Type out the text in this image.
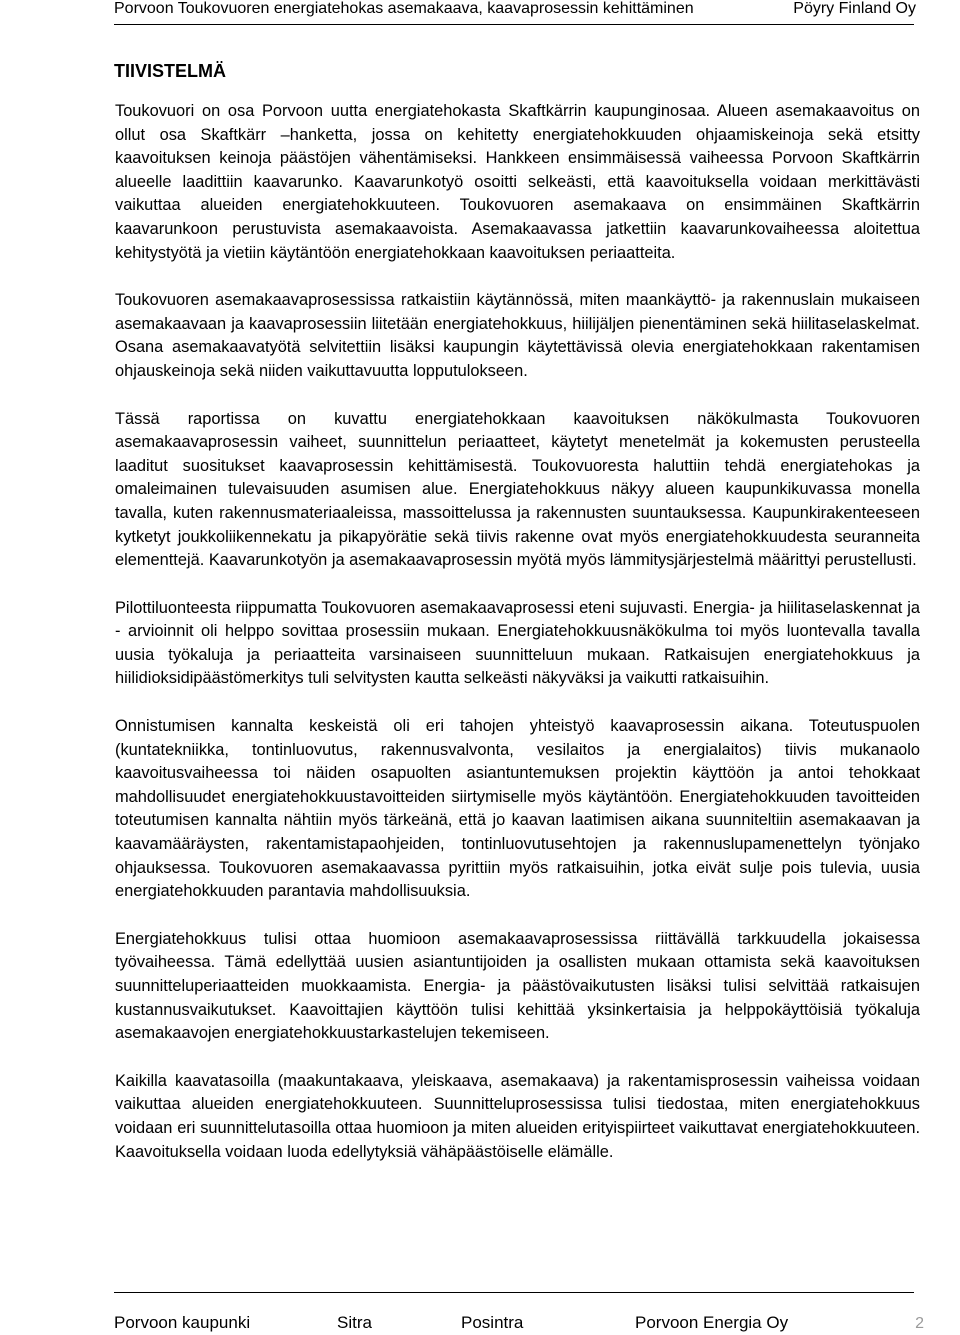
Porvoon Toukovuoren energiatehokas asemakaava, kaavaprosessin kehittäminen	Pöyry Finland Oy
TIIVISTELMÄ

Toukovuori on osa Porvoon uutta energiatehokasta Skaftkärrin kaupunginosaa. Alueen asemakaavoitus on ollut osa Skaftkärr –hanketta, jossa on kehitetty energiatehokkuuden ohjaamiskeinoja sekä etsitty kaavoituksen keinoja päästöjen vähentämiseksi. Hankkeen ensimmäisessä vaiheessa Porvoon Skaftkärrin alueelle laadittiin kaavarunko. Kaavarunkotyö osoitti selkeästi, että kaavoituksella voidaan merkittävästi vaikuttaa alueiden energiatehokkuuteen. Toukovuoren asemakaava on ensimmäinen Skaftkärrin kaavarunkoon perustuvista asemakaavoista. Asemakaavassa jatkettiin kaavarunkovaiheessa aloitettua kehitystyötä ja vietiin käytäntöön energiatehokkaan kaavoituksen periaatteita.

Toukovuoren asemakaavaprosessissa ratkaistiin käytännössä, miten maankäyttö- ja rakennuslain mukaiseen asemakaavaan ja kaavaprosessiin liitetään energiatehokkuus, hiilijäljen pienentäminen sekä hiilitaselaskelmat. Osana asemakaavatyötä selvitettiin lisäksi kaupungin käytettävissä olevia energiatehokkaan rakentamisen ohjauskeinoja sekä niiden vaikuttavuutta lopputulokseen.

Tässä raportissa on kuvattu energiatehokkaan kaavoituksen näkökulmasta Toukovuoren asemakaavaprosessin vaiheet, suunnittelun periaatteet, käytetyt menetelmät ja kokemusten perusteella laaditut suositukset kaavaprosessin kehittämisestä. Toukovuoresta haluttiin tehdä energiatehokas ja omaleimainen tulevaisuuden asumisen alue. Energiatehokkuus näkyy alueen kaupunkikuvassa monella tavalla, kuten rakennusmateriaaleissa, massoittelussa ja rakennusten suuntauksessa. Kaupunkirakenteeseen kytketyt joukkoliikennekatu ja pikapyörätie sekä tiivis rakenne ovat myös energiatehokkuudesta seuranneita elementtejä. Kaavarunkotyön ja asemakaavaprosessin myötä myös lämmitysjärjestelmä määrittyi perustellusti.

Pilottiluonteesta riippumatta Toukovuoren asemakaavaprosessi eteni sujuvasti. Energia- ja hiilitaselaskennat ja - arvioinnit oli helppo sovittaa prosessiin mukaan. Energiatehokkuusnäkökulma toi myös luontevalla tavalla uusia työkaluja ja periaatteita varsinaiseen suunnitteluun mukaan. Ratkaisujen energiatehokkuus ja hiilidioksidipäästömerkitys tuli selvitysten kautta selkeästi näkyväksi ja vaikutti ratkaisuihin.

Onnistumisen kannalta keskeistä oli eri tahojen yhteistyö kaavaprosessin aikana. Toteutuspuolen (kuntatekniikka, tontinluovutus, rakennusvalvonta, vesilaitos ja energialaitos) tiivis mukanaolo kaavoitusvaiheessa toi näiden osapuolten asiantuntemuksen projektin käyttöön ja antoi tehokkaat mahdollisuudet energiatehokkuustavoitteiden siirtymiselle myös käytäntöön. Energiatehokkuuden tavoitteiden toteutumisen kannalta nähtiin myös tärkeänä, että jo kaavan laatimisen aikana suunniteltiin asemakaavan ja kaavamääräysten, rakentamistapaohjeiden, tontinluovutusehtojen ja rakennuslupamenettelyn työnjako ohjauksessa. Toukovuoren asemakaavassa pyrittiin myös ratkaisuihin, jotka eivät sulje pois tulevia, uusia energiatehokkuuden parantavia mahdollisuuksia.

Energiatehokkuus tulisi ottaa huomioon asemakaavaprosessissa riittävällä tarkkuudella jokaisessa työvaiheessa. Tämä edellyttää uusien asiantuntijoiden ja osallisten mukaan ottamista sekä kaavoituksen suunnitteluperiaatteiden muokkaamista. Energia- ja päästövaikutusten lisäksi tulisi selvittää ratkaisujen kustannusvaikutukset. Kaavoittajien käyttöön tulisi kehittää yksinkertaisia ja helppokäyttöisiä työkaluja asemakaavojen energiatehokkuustarkastelujen tekemiseen.

Kaikilla kaavatasoilla (maakuntakaava, yleiskaava, asemakaava) ja rakentamisprosessin vaiheissa voidaan vaikuttaa alueiden energiatehokkuuteen. Suunnitteluprosessissa tulisi tiedostaa, miten energiatehokkuus voidaan eri suunnittelutasoilla ottaa huomioon ja miten alueiden erityispiirteet vaikuttavat energiatehokkuuteen. Kaavoituksella voidaan luoda edellytyksiä vähäpäästöiselle elämälle.

Porvoon kaupunki	Sitra	Posintra	Porvoon Energia Oy	2
